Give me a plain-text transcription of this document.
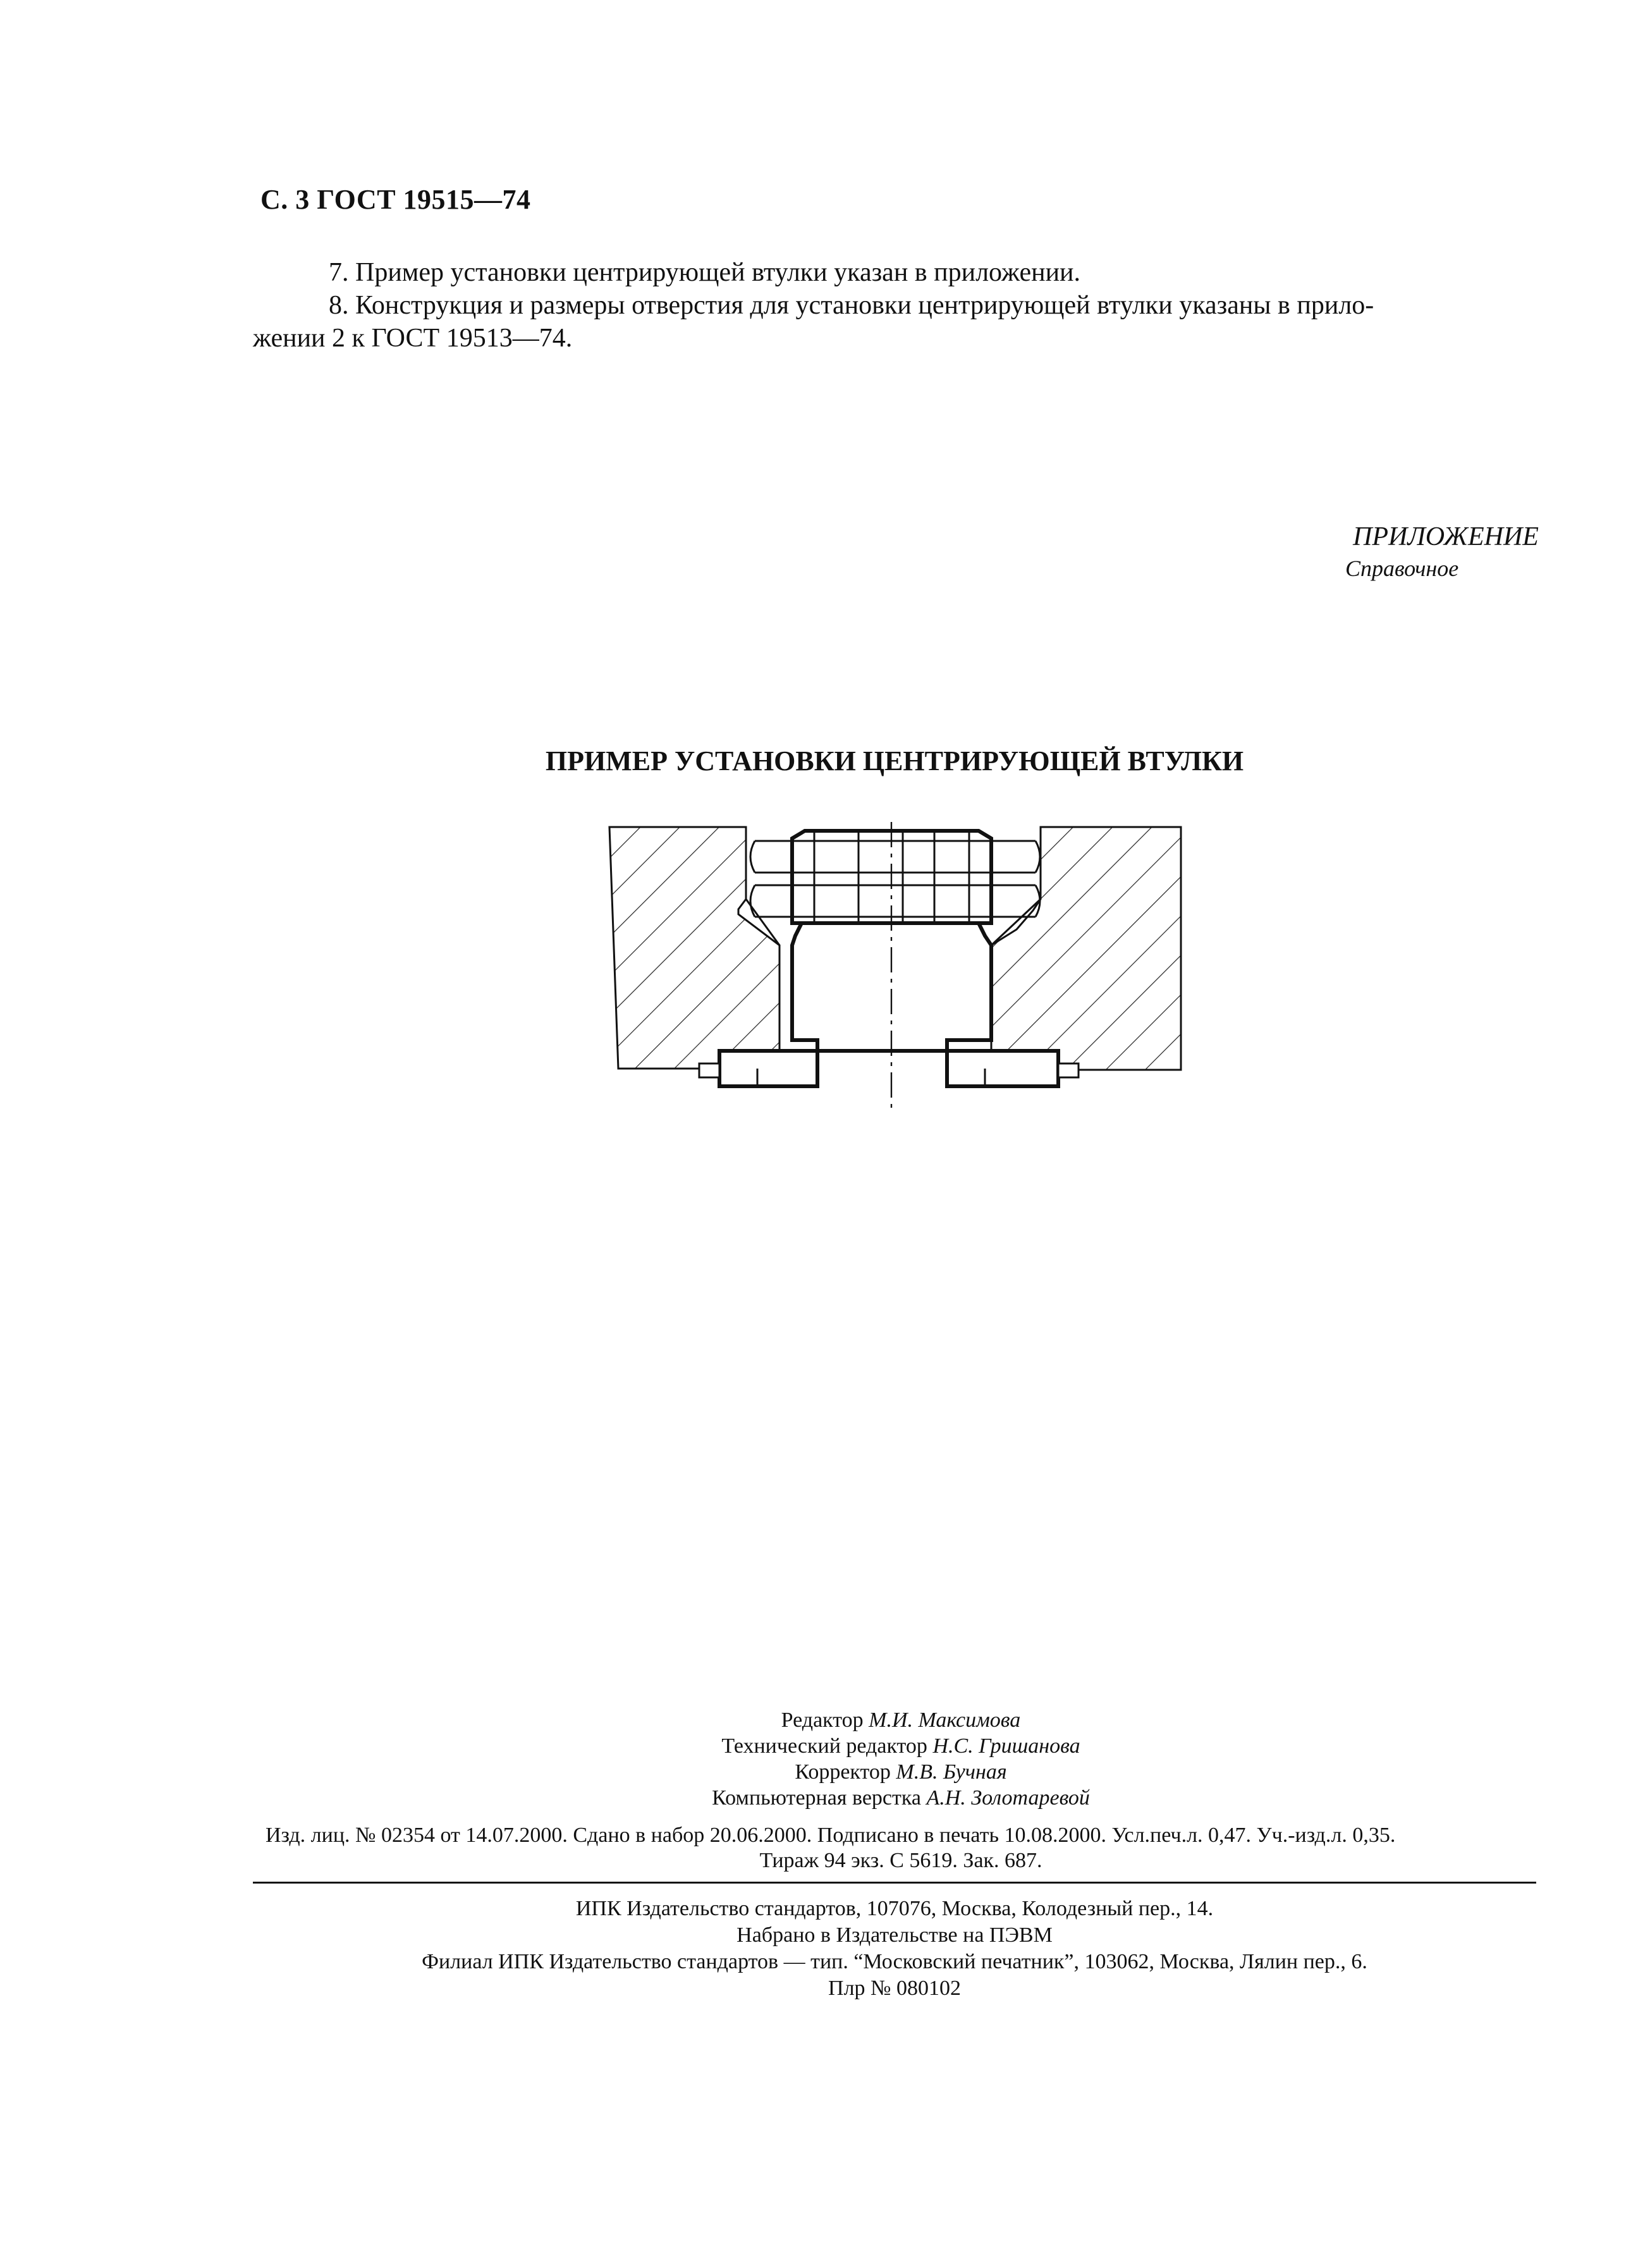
С. 3 ГОСТ 19515—74
7. Пример установки центрирующей втулки указан в приложении.
8. Конструкция и размеры отверстия для установки центрирующей втулки указаны в прило-
жении 2 к ГОСТ 19513—74.
ПРИЛОЖЕНИЕ
Справочное
ПРИМЕР УСТАНОВКИ ЦЕНТРИРУЮЩЕЙ ВТУЛКИ
Редактор М.И. Максимова
Технический редактор Н.С. Гришанова
Корректор М.В. Бучная
Компьютерная верстка А.Н. Золотаревой
Изд. лиц. № 02354 от 14.07.2000. Сдано в набор 20.06.2000. Подписано в печать 10.08.2000. Усл.печ.л. 0,47. Уч.-изд.л. 0,35.
Тираж 94 экз. С 5619. Зак. 687.
ИПК Издательство стандартов, 107076, Москва, Колодезный пер., 14.
Набрано в Издательстве на ПЭВМ
Филиал ИПК Издательство стандартов — тип. “Московский печатник”, 103062, Москва, Лялин пер., 6.
Плр № 080102
